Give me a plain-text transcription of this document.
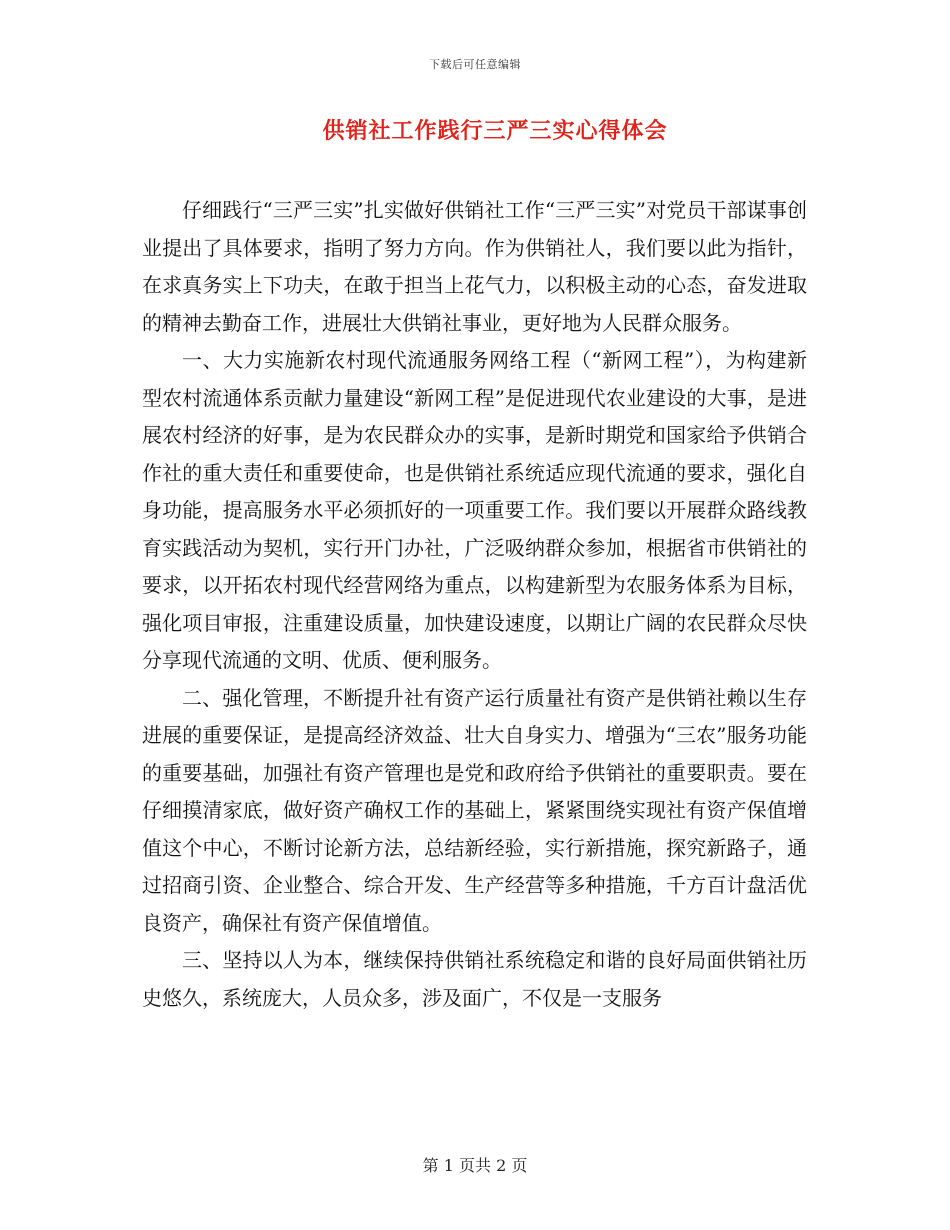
下载后可任意编辑
供销社工作践行三严三实心得体会

仔细践行“三严三实”扎实做好供销社工作“三严三实”对党员干部谋事创业提出了具体要求，指明了努力方向。作为供销社人，我们要以此为指针，在求真务实上下功夫，在敢于担当上花气力，以积极主动的心态，奋发进取的精神去勤奋工作，进展壮大供销社事业，更好地为人民群众服务。

一、大力实施新农村现代流通服务网络工程（“新网工程”），为构建新型农村流通体系贡献力量建设“新网工程”是促进现代农业建设的大事，是进展农村经济的好事，是为农民群众办的实事，是新时期党和国家给予供销合作社的重大责任和重要使命，也是供销社系统适应现代流通的要求，强化自身功能，提高服务水平必须抓好的一项重要工作。我们要以开展群众路线教育实践活动为契机，实行开门办社，广泛吸纳群众参加，根据省市供销社的要求，以开拓农村现代经营网络为重点，以构建新型为农服务体系为目标，强化项目审报，注重建设质量，加快建设速度，以期让广阔的农民群众尽快分享现代流通的文明、优质、便利服务。

二、强化管理，不断提升社有资产运行质量社有资产是供销社赖以生存进展的重要保证，是提高经济效益、壮大自身实力、增强为“三农”服务功能的重要基础，加强社有资产管理也是党和政府给予供销社的重要职责。要在仔细摸清家底，做好资产确权工作的基础上，紧紧围绕实现社有资产保值增值这个中心，不断讨论新方法，总结新经验，实行新措施，探究新路子，通过招商引资、企业整合、综合开发、生产经营等多种措施，千方百计盘活优良资产，确保社有资产保值增值。

三、坚持以人为本，继续保持供销社系统稳定和谐的良好局面供销社历史悠久，系统庞大，人员众多，涉及面广，不仅是一支服务

第 1 页共 2 页
